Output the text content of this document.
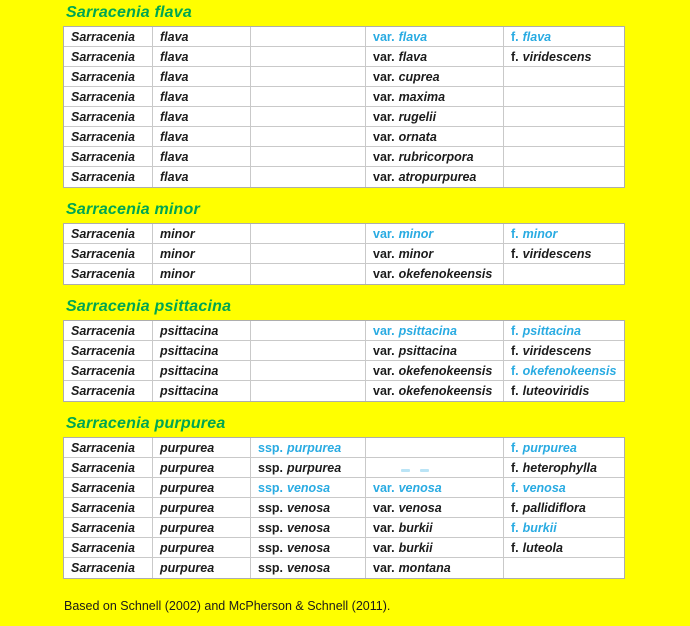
Sarracenia flava
Sarracenia flava	var. flava	f. flava
Sarracenia flava	var. flava	f. viridescens
Sarracenia flava	var. cuprea
Sarracenia flava	var. maxima
Sarracenia flava	var. rugelii
Sarracenia flava	var. ornata
Sarracenia flava	var. rubricorpora
Sarracenia flava	var. atropurpurea
Sarracenia minor
Sarracenia minor	var. minor	f. minor
Sarracenia minor	var. minor	f. viridescens
Sarracenia minor	var. okefenokeensis
Sarracenia psittacina
Sarracenia psittacina	var. psittacina	f. psittacina
Sarracenia psittacina	var. psittacina	f. viridescens
Sarracenia psittacina	var. okefenokeensis f. okefenokeensis
Sarracenia psittacina	var. okefenokeensis f. luteoviridis
Sarracenia purpurea
Sarracenia purpurea	ssp. purpurea	f. purpurea
Sarracenia purpurea	ssp. purpurea	f. heterophylla
Sarracenia purpurea	ssp. venosa	var. venosa	f. venosa
Sarracenia purpurea	ssp. venosa	var. venosa	f. pallidiflora
Sarracenia purpurea	ssp. venosa	var. burkii	f. burkii
Sarracenia purpurea	ssp. venosa	var. burkii	f. luteola
Sarracenia purpurea	ssp. venosa	var. montana
Based on Schnell (2002) and McPherson & Schnell (2011).
